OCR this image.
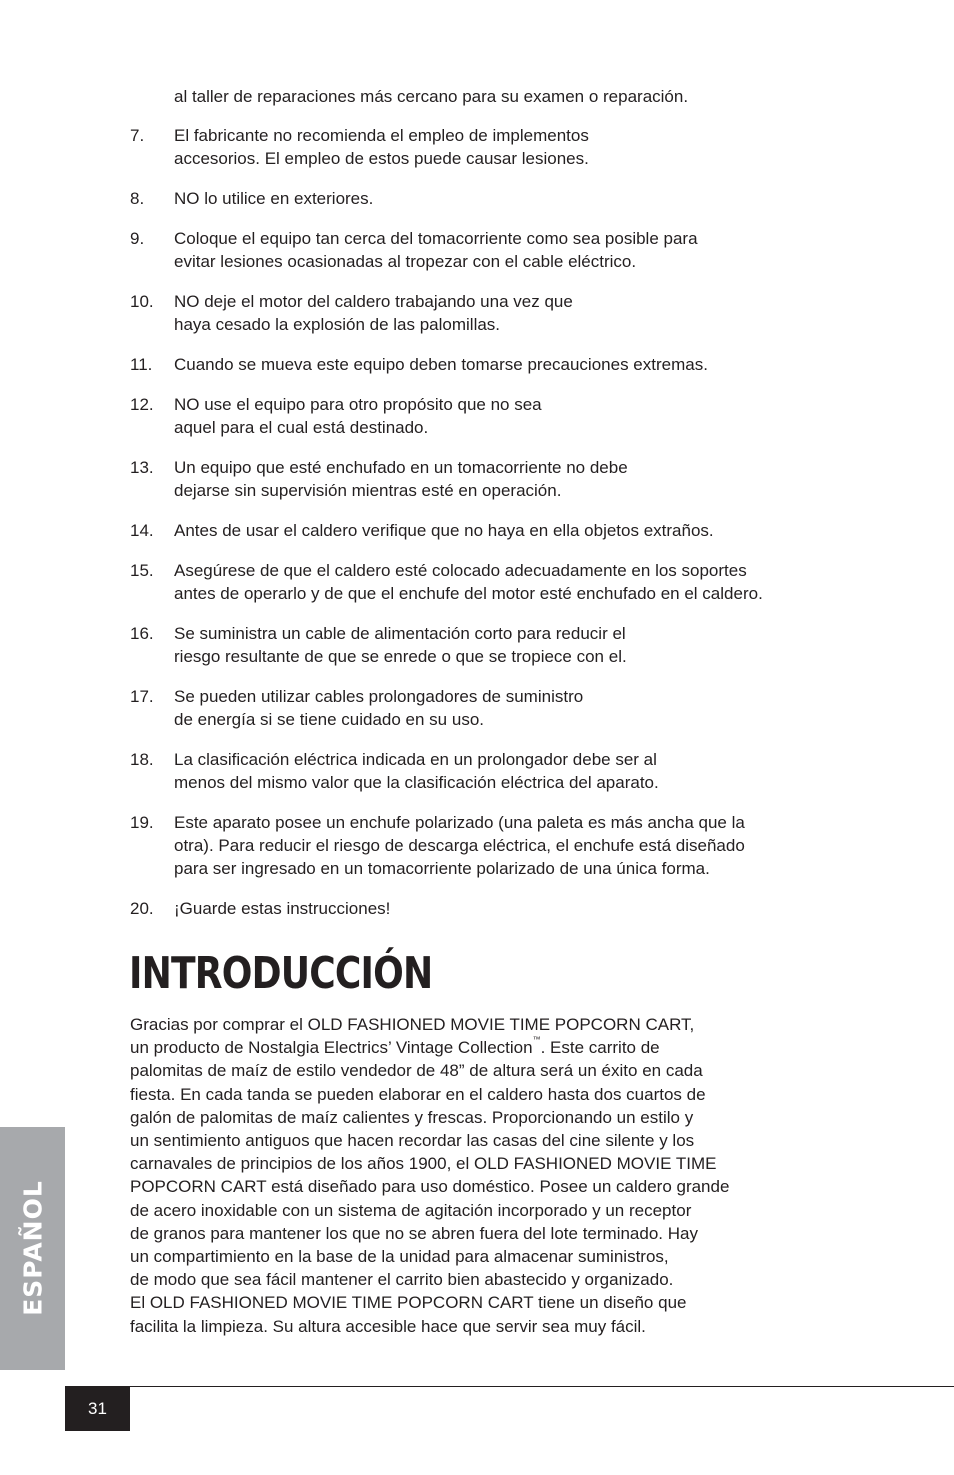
al taller de reparaciones más cercano para su examen o reparación.

7.	El fabricante no recomienda el empleo de implementos
accesorios. El empleo de estos puede causar lesiones.
8.	NO lo utilice en exteriores.
9.	Coloque el equipo tan cerca del tomacorriente como sea posible para
evitar lesiones ocasionadas al tropezar con el cable eléctrico.
10.	NO deje el motor del caldero trabajando una vez que
haya cesado la explosión de las palomillas.
11.	Cuando se mueva este equipo deben tomarse precauciones extremas.
12.	NO use el equipo para otro propósito que no sea
aquel para el cual está destinado.
13.	Un equipo que esté enchufado en un tomacorriente no debe
dejarse sin supervisión mientras esté en operación.
14.	Antes de usar el caldero verifique que no haya en ella objetos extraños.
15.	Asegúrese de que el caldero esté colocado adecuadamente en los soportes
antes de operarlo y de que el enchufe del motor esté enchufado en el caldero.
16.	Se suministra un cable de alimentación corto para reducir el
riesgo resultante de que se enrede o que se tropiece con el.
17.	Se pueden utilizar cables prolongadores de suministro
de energía si se tiene cuidado en su uso.
18.	La clasificación eléctrica indicada en un prolongador debe ser al
menos del mismo valor que la clasificación eléctrica del aparato.
19.	Este aparato posee un enchufe polarizado (una paleta es más ancha que la
otra). Para reducir el riesgo de descarga eléctrica, el enchufe está diseñado
para ser ingresado en un tomacorriente polarizado de una única forma.
20.	¡Guarde estas instrucciones!
INTRODUCCIÓN

Gracias por comprar el OLD FASHIONED MOVIE TIME POPCORN CART,
un producto de Nostalgia Electrics’ Vintage Collection™. Este carrito de
palomitas de maíz de estilo vendedor de 48” de altura será un éxito en cada
fiesta. En cada tanda se pueden elaborar en el caldero hasta dos cuartos de
galón de palomitas de maíz calientes y frescas. Proporcionando un estilo y
un sentimiento antiguos que hacen recordar las casas del cine silente y los
carnavales de principios de los años 1900, el OLD FASHIONED MOVIE TIME
POPCORN CART está diseñado para uso doméstico. Posee un caldero grande
de acero inoxidable con un sistema de agitación incorporado y un receptor
de granos para mantener los que no se abren fuera del lote terminado. Hay
un compartimiento en la base de la unidad para almacenar suministros,
de modo que sea fácil mantener el carrito bien abastecido y organizado.
El OLD FASHIONED MOVIE TIME POPCORN CART tiene un diseño que
facilita la limpieza. Su altura accesible hace que servir sea muy fácil.

ESPAÑOL
31
